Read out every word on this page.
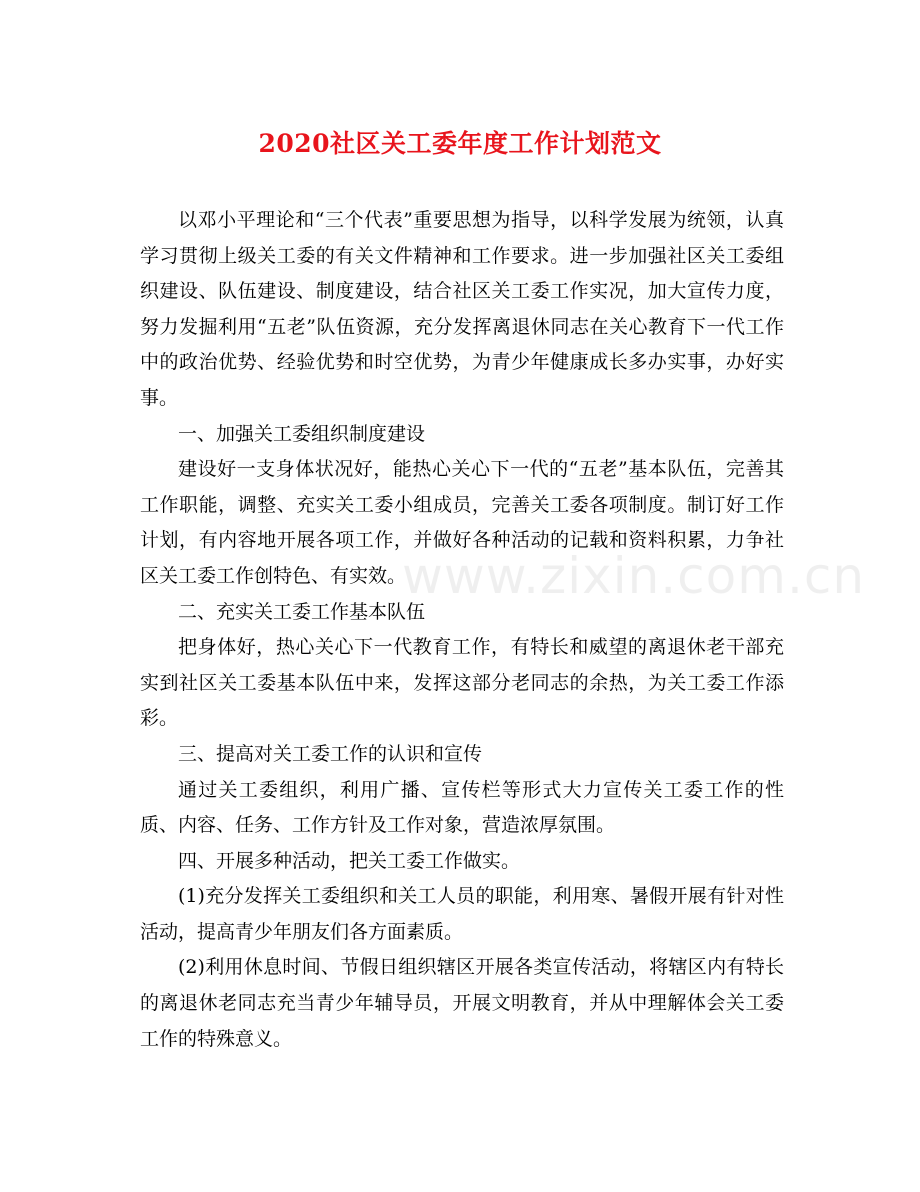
2020社区关工委年度工作计划范文
www.zixin.com.cn

以邓小平理论和“三个代表”重要思想为指导，以科学发展为统领，认真学习贯彻上级关工委的有关文件精神和工作要求。进一步加强社区关工委组织建设、队伍建设、制度建设，结合社区关工委工作实况，加大宣传力度，努力发掘利用“五老”队伍资源，充分发挥离退休同志在关心教育下一代工作中的政治优势、经验优势和时空优势，为青少年健康成长多办实事，办好实事。

一、加强关工委组织制度建设

建设好一支身体状况好，能热心关心下一代的“五老”基本队伍，完善其工作职能，调整、充实关工委小组成员，完善关工委各项制度。制订好工作计划，有内容地开展各项工作，并做好各种活动的记载和资料积累，力争社区关工委工作创特色、有实效。

二、充实关工委工作基本队伍

把身体好，热心关心下一代教育工作，有特长和威望的离退休老干部充实到社区关工委基本队伍中来，发挥这部分老同志的余热，为关工委工作添彩。

三、提高对关工委工作的认识和宣传

通过关工委组织，利用广播、宣传栏等形式大力宣传关工委工作的性质、内容、任务、工作方针及工作对象，营造浓厚氛围。

四、开展多种活动，把关工委工作做实。

(1)充分发挥关工委组织和关工人员的职能，利用寒、暑假开展有针对性活动，提高青少年朋友们各方面素质。

(2)利用休息时间、节假日组织辖区开展各类宣传活动，将辖区内有特长的离退休老同志充当青少年辅导员，开展文明教育，并从中理解体会关工委工作的特殊意义。
